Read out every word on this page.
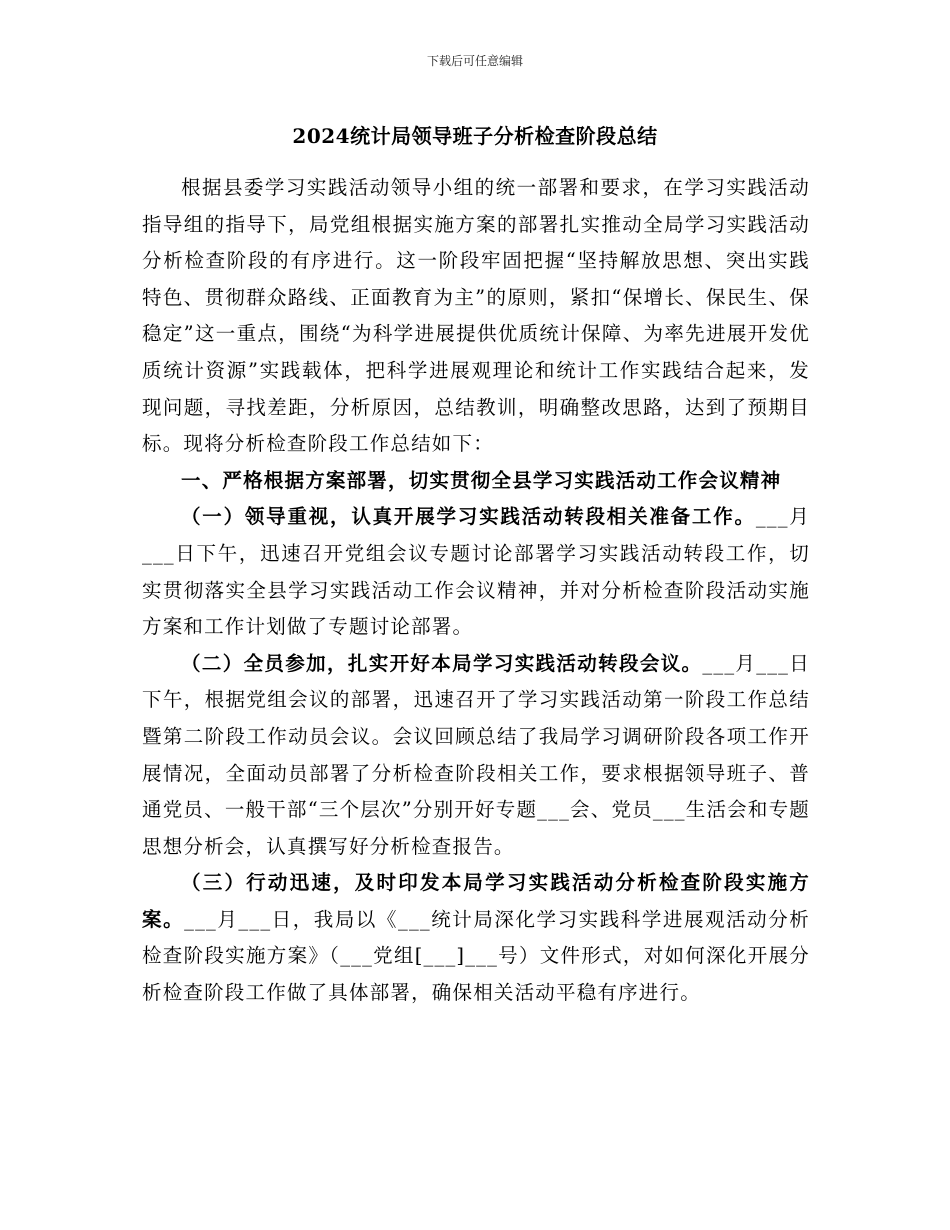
下载后可任意编辑
2024统计局领导班子分析检查阶段总结

根据县委学习实践活动领导小组的统一部署和要求，在学习实践活动指导组的指导下，局党组根据实施方案的部署扎实推动全局学习实践活动分析检查阶段的有序进行。这一阶段牢固把握“坚持解放思想、突出实践特色、贯彻群众路线、正面教育为主”的原则，紧扣“保增长、保民生、保稳定”这一重点，围绕“为科学进展提供优质统计保障、为率先进展开发优质统计资源”实践载体，把科学进展观理论和统计工作实践结合起来，发现问题，寻找差距，分析原因，总结教训，明确整改思路，达到了预期目标。现将分析检查阶段工作总结如下：

一、严格根据方案部署，切实贯彻全县学习实践活动工作会议精神

（一）领导重视，认真开展学习实践活动转段相关准备工作。___月___日下午，迅速召开党组会议专题讨论部署学习实践活动转段工作，切实贯彻落实全县学习实践活动工作会议精神，并对分析检查阶段活动实施方案和工作计划做了专题讨论部署。

（二）全员参加，扎实开好本局学习实践活动转段会议。___月___日下午，根据党组会议的部署，迅速召开了学习实践活动第一阶段工作总结暨第二阶段工作动员会议。会议回顾总结了我局学习调研阶段各项工作开展情况，全面动员部署了分析检查阶段相关工作，要求根据领导班子、普通党员、一般干部“三个层次”分别开好专题___会、党员___生活会和专题思想分析会，认真撰写好分析检查报告。

（三）行动迅速，及时印发本局学习实践活动分析检查阶段实施方案。___月___日，我局以《___统计局深化学习实践科学进展观活动分析检查阶段实施方案》（___党组[___]___号）文件形式，对如何深化开展分析检查阶段工作做了具体部署，确保相关活动平稳有序进行。
